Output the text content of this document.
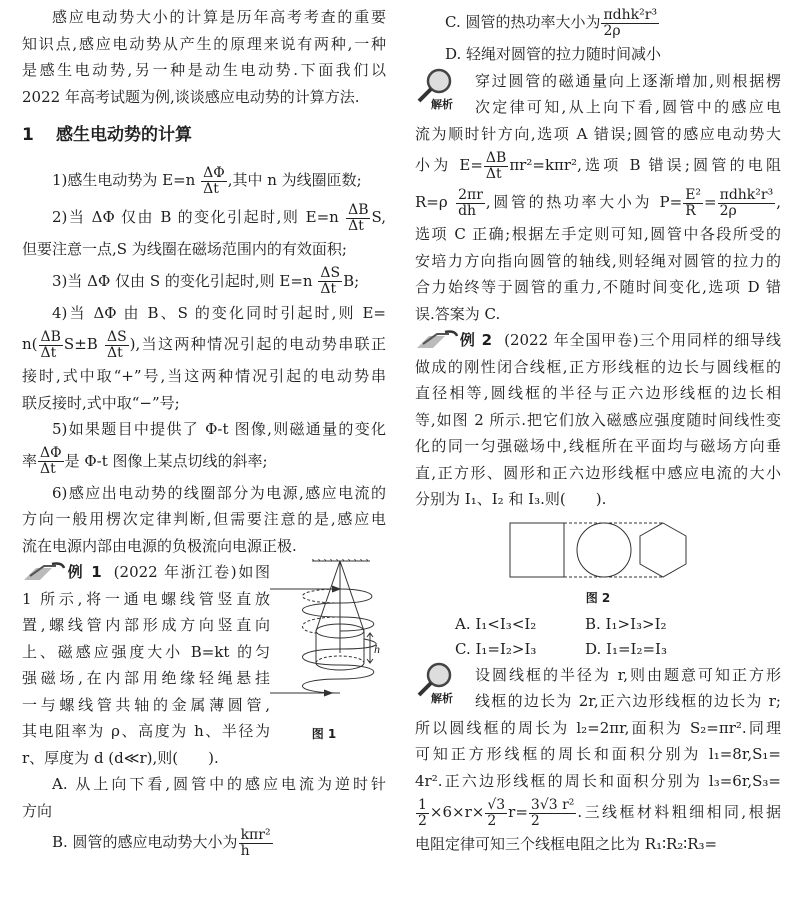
感应电动势大小的计算是历年高考考查的重要
知识点,感应电动势从产生的原理来说有两种,一种
是感生电动势,另一种是动生电动势.下面我们以
2022 年高考试题为例,谈谈感应电动势的计算方法.
1 感生电动势的计算
1)感生电动势为 $E=n \frac{\Delta\Phi}{\Delta t}$ ,其中 n 为线圈匝数;
2)当 ΔΦ 仅由 B 的变化引起时,则 $E=n \frac{\Delta B}{\Delta t} S$,
但要注意一点,S 为线圈在磁场范围内的有效面积;
3)当 ΔΦ 仅由 S 的变化引起时,则 $E=n \frac{\Delta S}{\Delta t} B$;
4)当 ΔΦ 由 B、S 的变化同时引起时,则 E=
$n( \frac{\Delta B}{\Delta t} S\pm B \frac{\Delta S}{\Delta t}$ ),当这两种情况引起的电动势串联正
接时,式中取“+”号,当这两种情况引起的电动势串
联反接时,式中取“−”号;
5)如果题目中提供了 Φ-t 图像,则磁通量的变化
率 $\frac{\Delta\Phi}{\Delta t}$ 是 Φ-t 图像上某点切线的斜率;
6)感应出电动势的线圈部分为电源,感应电流的
方向一般用楞次定律判断,但需要注意的是,感应电
流在电源内部由电源的负极流向电源正极.
例 1 (2022 年浙江卷)如图
1 所示,将一通电螺线管竖直放
置,螺线管内部形成方向竖直向
上、磁感应强度大小 B=kt 的匀
强磁场,在内部用绝缘轻绳悬挂
一与螺线管共轴的金属薄圆管,
其电阻率为 ρ、高度为 h、半径为
r、厚度为 d (d≪r),则(　　).
h
图 1
A. 从上向下看,圆管中的感应电流为逆时针
方向
B. 圆管的感应电动势大小为 $\frac{\text{kπr²}}{h}$
C. 圆管的热功率大小为 $\frac{\text{πdhk²r³}}{2\rho}$
D. 轻绳对圆管的拉力随时间减小
解析
穿过圆管的磁通量向上逐渐增加,则根据楞
次定律可知,从上向下看,圆管中的感应电
流为顺时针方向,选项 A 错误;圆管的感应电动势大
小为 $E= \frac{\Delta B}{\Delta t} \pi r^2=k\pi r^2$,选项 B 错误;圆管的电阻
$R=\rho \frac{2\pi r}{dh}$ ,圆管的热功率大小为 $P= \frac{\text{E²}}{R} = \frac{\text{πdhk²r³}}{2\rho}$ ,
选项 C 正确;根据左手定则可知,圆管中各段所受的
安培力方向指向圆管的轴线,则轻绳对圆管的拉力的
合力始终等于圆管的重力,不随时间变化,选项 D 错
误.答案为 C.
例 2 (2022 年全国甲卷)三个用同样的细导线
做成的刚性闭合线框,正方形线框的边长与圆线框的
直径相等,圆线框的半径与正六边形线框的边长相
等,如图 2 所示.把它们放入磁感应强度随时间线性变
化的同一匀强磁场中,线框所在平面均与磁场方向垂
直,正方形、圆形和正六边形线框中感应电流的大小
分别为 I₁、I₂ 和 I₃.则(　　).
图 2
A. I₁<I₃<I₂	B. I₁>I₃>I₂
C. I₁=I₂>I₃	D. I₁=I₂=I₃
解析
设圆线框的半径为 r,则由题意可知正方形
线框的边长为 2r,正六边形线框的边长为 r;
所以圆线框的周长为 l₂=2πr,面积为 S₂=πr².同理
可知正方形线框的周长和面积分别为 l₁=8r,S₁=
4r².正六边形线框的周长和面积分别为 l₃=6r,S₃=
$\frac{1}{2} \times 6\times r\times \frac{√3}{2} r= \frac{\text{3√3 r²}}{2}$ .三线框材料粗细相同,根据
电阻定律可知三个线框电阻之比为 R₁∶R₂∶R₃=
